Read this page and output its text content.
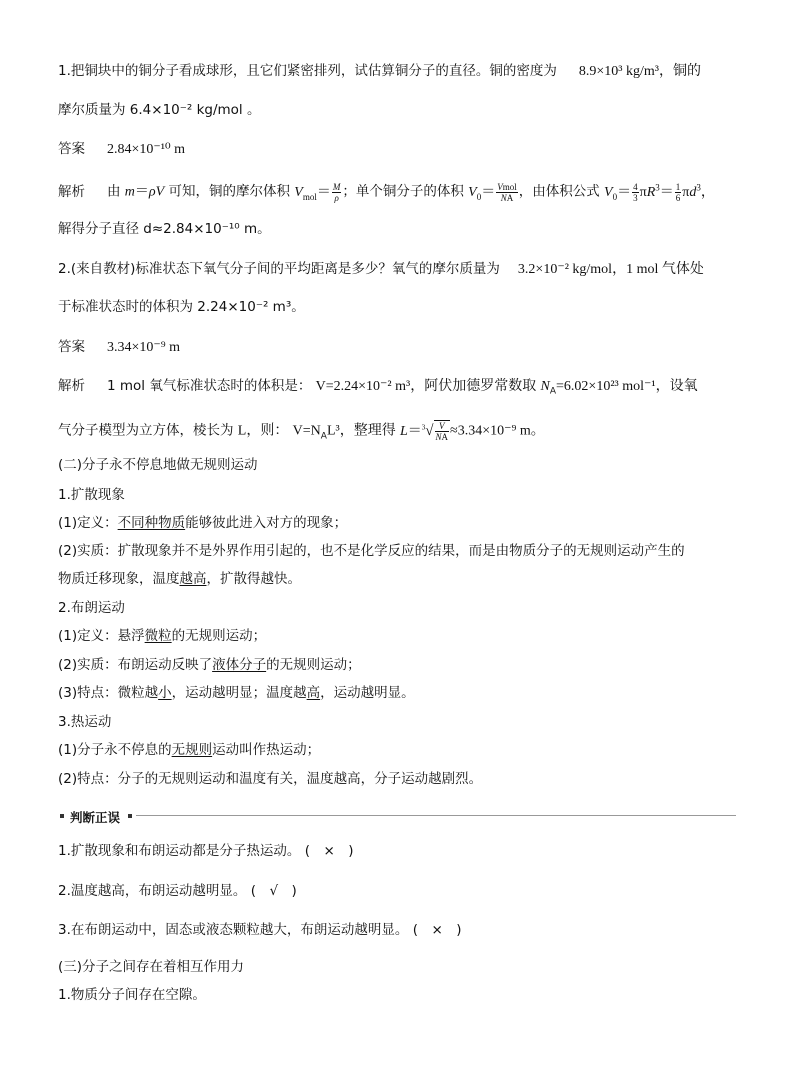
1.把铜块中的铜分子看成球形，且它们紧密排列，试估算铜分子的直径。铜的密度为 8.9×10³ kg/m³，铜的
摩尔质量为 6.4×10⁻² kg/mol 。
答案 2.84×10⁻¹⁰ m
解析 由 m＝ρV 可知，铜的摩尔体积 $V_{mol}= \frac{M}{\rho}$ ；单个铜分子的体积 $V_0= \frac{\text{Vmol}}{NA}$ ，由体积公式 $V_0= \frac{4}{3} \pi R^3= \frac{1}{6} \pi d^3$，
解得分子直径 d≈2.84×10⁻¹⁰ m。
2.(来自教材)标准状态下氧气分子间的平均距离是多少？氧气的摩尔质量为 3.2×10⁻² kg/mol，1 mol 气体处
于标准状态时的体积为 2.24×10⁻² m³。
答案 3.34×10⁻⁹ m
解析 1 mol 氧气标准状态时的体积是： V=2.24×10⁻² m³，阿伏加德罗常数取 $N_A=6.02\times 10^{23}$ mol⁻¹，设氧
气分子模型为立方体，棱长为 L，则： $V=N_AL^3$，整理得 $L=^3√ \frac{V}{NA} \approx 3.34\times 10^{-9}$ m。
(二)分子永不停息地做无规则运动
1.扩散现象
(1)定义：不同种物质能够彼此进入对方的现象；
(2)实质：扩散现象并不是外界作用引起的，也不是化学反应的结果，而是由物质分子的无规则运动产生的
物质迁移现象，温度越高，扩散得越快。
2.布朗运动
(1)定义：悬浮微粒的无规则运动；
(2)实质：布朗运动反映了液体分子的无规则运动；
(3)特点：微粒越小，运动越明显；温度越高，运动越明显。
3.热运动
(1)分子永不停息的无规则运动叫作热运动；
(2)特点：分子的无规则运动和温度有关，温度越高，分子运动越剧烈。
判断正误
1.扩散现象和布朗运动都是分子热运动。 (　×　)
2.温度越高，布朗运动越明显。 (　√　)
3.在布朗运动中，固态或液态颗粒越大，布朗运动越明显。 (　×　)
(三)分子之间存在着相互作用力
1.物质分子间存在空隙。
